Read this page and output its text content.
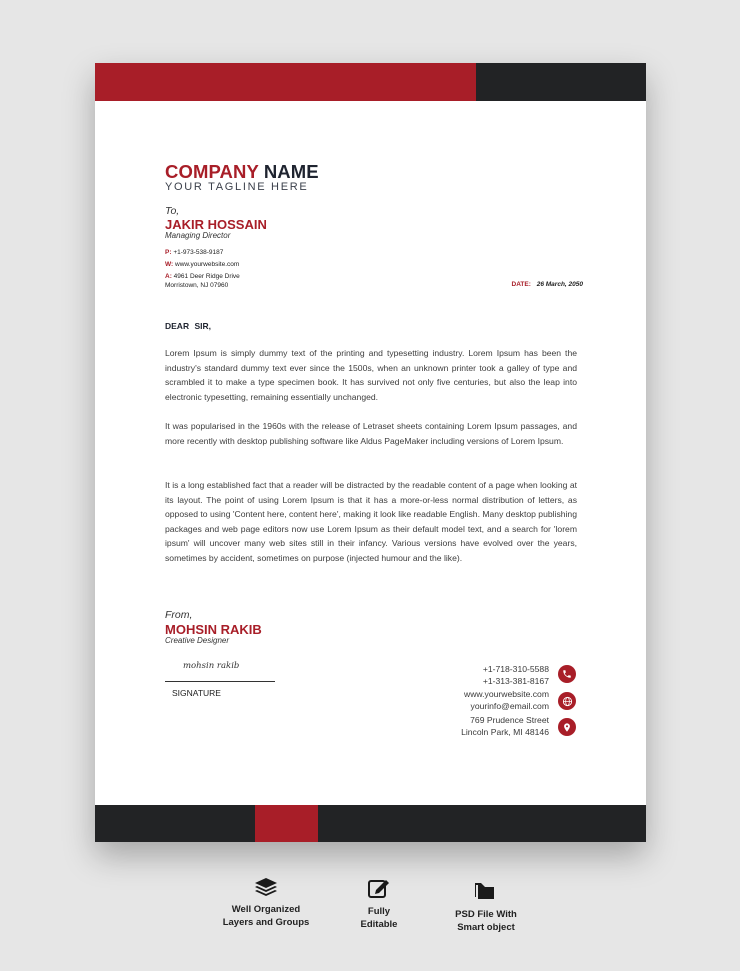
COMPANY NAME
YOUR TAGLINE HERE
To,
JAKIR HOSSAIN
Managing Director
P: +1-973-538-9187
W: www.yourwebsite.com
A: 4961 Deer Ridge Drive
Morristown, NJ 07960	DATE: 26 March, 2050
DEAR SIR,

Lorem Ipsum is simply dummy text of the printing and typesetting industry. Lorem Ipsum has been the industry's standard dummy text ever since the 1500s, when an unknown printer took a galley of type and scrambled it to make a type specimen book. It has survived not only five centuries, but also the leap into electronic typesetting, remaining essentially unchanged.

It was popularised in the 1960s with the release of Letraset sheets containing Lorem Ipsum passages, and more recently with desktop publishing software like Aldus PageMaker including versions of Lorem Ipsum.

It is a long established fact that a reader will be distracted by the readable content of a page when looking at its layout. The point of using Lorem Ipsum is that it has a more-or-less normal distribution of letters, as opposed to using 'Content here, content here', making it look like readable English. Many desktop publishing packages and web page editors now use Lorem Ipsum as their default model text, and a search for 'lorem ipsum' will uncover many web sites still in their infancy. Various versions have evolved over the years, sometimes by accident, sometimes on purpose (injected humour and the like).

From,
MOHSIN RAKIB
Creative Designer
mohsin rakib
SIGNATURE
+1-718-310-5588
+1-313-381-8167
www.yourwebsite.com
yourinfo@email.com
769 Prudence Street
Lincoln Park, MI 48146
Well Organized
Layers and Groups
Fully
Editable
PSD File With
Smart object
